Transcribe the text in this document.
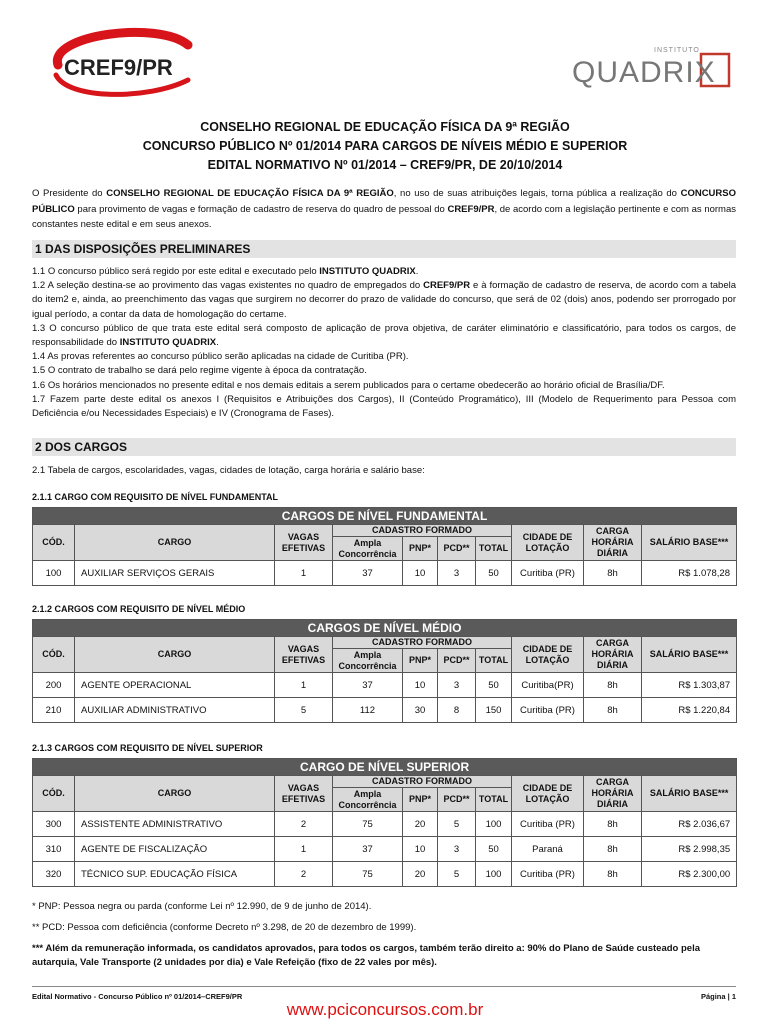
CREF9/PR
INSTITUTO
QUADRIX
CONSELHO REGIONAL DE EDUCAÇÃO FÍSICA DA 9ª REGIÃO
CONCURSO PÚBLICO Nº 01/2014 PARA CARGOS DE NÍVEIS MÉDIO E SUPERIOR
EDITAL NORMATIVO Nº 01/2014 – CREF9/PR, DE 20/10/2014
O Presidente do CONSELHO REGIONAL DE EDUCAÇÃO FÍSICA DA 9ª REGIÃO, no uso de suas atribuições legais, torna pública a realização do CONCURSO PÚBLICO para provimento de vagas e formação de cadastro de reserva do quadro de pessoal do CREF9/PR, de acordo com a legislação pertinente e com as normas constantes neste edital e em seus anexos.
1 DAS DISPOSIÇÕES PRELIMINARES

1.1 O concurso público será regido por este edital e executado pelo INSTITUTO QUADRIX.

1.2 A seleção destina-se ao provimento das vagas existentes no quadro de empregados do CREF9/PR e à formação de cadastro de reserva, de acordo com a tabela do item2 e, ainda, ao preenchimento das vagas que surgirem no decorrer do prazo de validade do concurso, que será de 02 (dois) anos, podendo ser prorrogado por igual período, a contar da data de homologação do certame.

1.3 O concurso público de que trata este edital será composto de aplicação de prova objetiva, de caráter eliminatório e classificatório, para todos os cargos, de responsabilidade do INSTITUTO QUADRIX.

1.4 As provas referentes ao concurso público serão aplicadas na cidade de Curitiba (PR).

1.5 O contrato de trabalho se dará pelo regime vigente à época da contratação.

1.6 Os horários mencionados no presente edital e nos demais editais a serem publicados para o certame obedecerão ao horário oficial de Brasília/DF.

1.7 Fazem parte deste edital os anexos I (Requisitos e Atribuições dos Cargos), II (Conteúdo Programático), III (Modelo de Requerimento para Pessoa com Deficiência e/ou Necessidades Especiais) e IV (Cronograma de Fases).

2 DOS CARGOS
2.1 Tabela de cargos, escolaridades, vagas, cidades de lotação, carga horária e salário base:
2.1.1 CARGO COM REQUISITO DE NÍVEL FUNDAMENTAL
CARGOS DE NÍVEL FUNDAMENTAL									
CÓD.	CARGO	VAGAS EFETIVAS	CADASTRO FORMADO				CIDADE DE LOTAÇÃO	CARGA HORÁRIA DIÁRIA	SALÁRIO BASE***
			Ampla Concorrência	PNP*	PCD**	TOTAL			
100	AUXILIAR SERVIÇOS GERAIS	1	37	10	3	50	Curitiba (PR)	8h	R$ 1.078,28
2.1.2 CARGOS COM REQUISITO DE NÍVEL MÉDIO
CARGOS DE NÍVEL MÉDIO									
CÓD.	CARGO	VAGAS EFETIVAS	CADASTRO FORMADO				CIDADE DE LOTAÇÃO	CARGA HORÁRIA DIÁRIA	SALÁRIO BASE***
			Ampla Concorrência	PNP*	PCD**	TOTAL			
200	AGENTE OPERACIONAL	1	37	10	3	50	Curitiba(PR)	8h	R$ 1.303,87
210	AUXILIAR ADMINISTRATIVO	5	112	30	8	150	Curitiba (PR)	8h	R$ 1.220,84
2.1.3 CARGOS COM REQUISITO DE NÍVEL SUPERIOR
CARGO DE NÍVEL SUPERIOR									
CÓD.	CARGO	VAGAS EFETIVAS	CADASTRO FORMADO				CIDADE DE LOTAÇÃO	CARGA HORÁRIA DIÁRIA	SALÁRIO BASE***
			Ampla Concorrência	PNP*	PCD**	TOTAL			
300	ASSISTENTE ADMINISTRATIVO	2	75	20	5	100	Curitiba (PR)	8h	R$ 2.036,67
310	AGENTE DE FISCALIZAÇÃO	1	37	10	3	50	Paraná	8h	R$ 2.998,35
320	TÉCNICO SUP. EDUCAÇÃO FÍSICA	2	75	20	5	100	Curitiba (PR)	8h	R$ 2.300,00

* PNP: Pessoa negra ou parda (conforme Lei nº 12.990, de 9 de junho de 2014).

** PCD: Pessoa com deficiência (conforme Decreto nº 3.298, de 20 de dezembro de 1999).

*** Além da remuneração informada, os candidatos aprovados, para todos os cargos, também terão direito a: 90% do Plano de Saúde custeado pela autarquia, Vale Transporte (2 unidades por dia) e Vale Refeição (fixo de 22 vales por mês).

Edital Normativo - Concurso Público nº 01/2014–CREF9/PR	Página | 1
www.pciconcursos.com.br
